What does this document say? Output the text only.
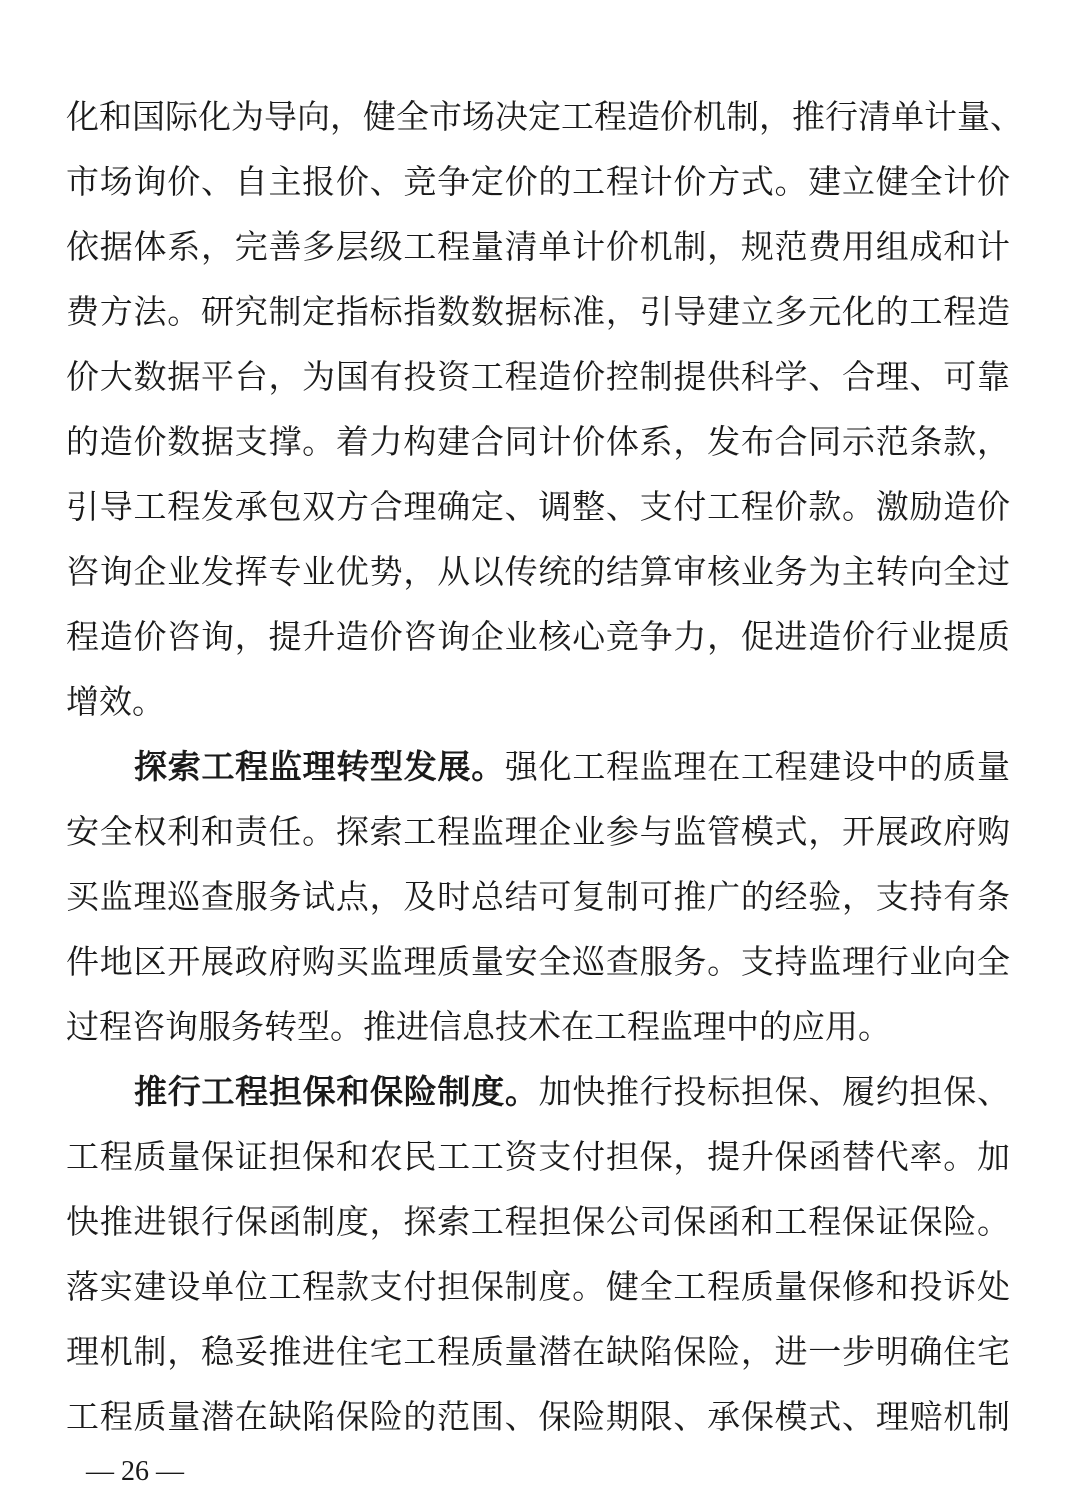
化和国际化为导向，健全市场决定工程造价机制，推行清单计量、
市场询价、自主报价、竞争定价的工程计价方式。建立健全计价
依据体系，完善多层级工程量清单计价机制，规范费用组成和计
费方法。研究制定指标指数数据标准，引导建立多元化的工程造
价大数据平台，为国有投资工程造价控制提供科学、合理、可靠
的造价数据支撑。着力构建合同计价体系，发布合同示范条款，
引导工程发承包双方合理确定、调整、支付工程价款。激励造价
咨询企业发挥专业优势，从以传统的结算审核业务为主转向全过
程造价咨询，提升造价咨询企业核心竞争力，促进造价行业提质
增效。
探索工程监理转型发展。强化工程监理在工程建设中的质量
安全权利和责任。探索工程监理企业参与监管模式，开展政府购
买监理巡查服务试点，及时总结可复制可推广的经验，支持有条
件地区开展政府购买监理质量安全巡查服务。支持监理行业向全
过程咨询服务转型。推进信息技术在工程监理中的应用。
推行工程担保和保险制度。加快推行投标担保、履约担保、
工程质量保证担保和农民工工资支付担保，提升保函替代率。加
快推进银行保函制度，探索工程担保公司保函和工程保证保险。
落实建设单位工程款支付担保制度。健全工程质量保修和投诉处
理机制，稳妥推进住宅工程质量潜在缺陷保险，进一步明确住宅
工程质量潜在缺陷保险的范围、保险期限、承保模式、理赔机制
— 26 —
